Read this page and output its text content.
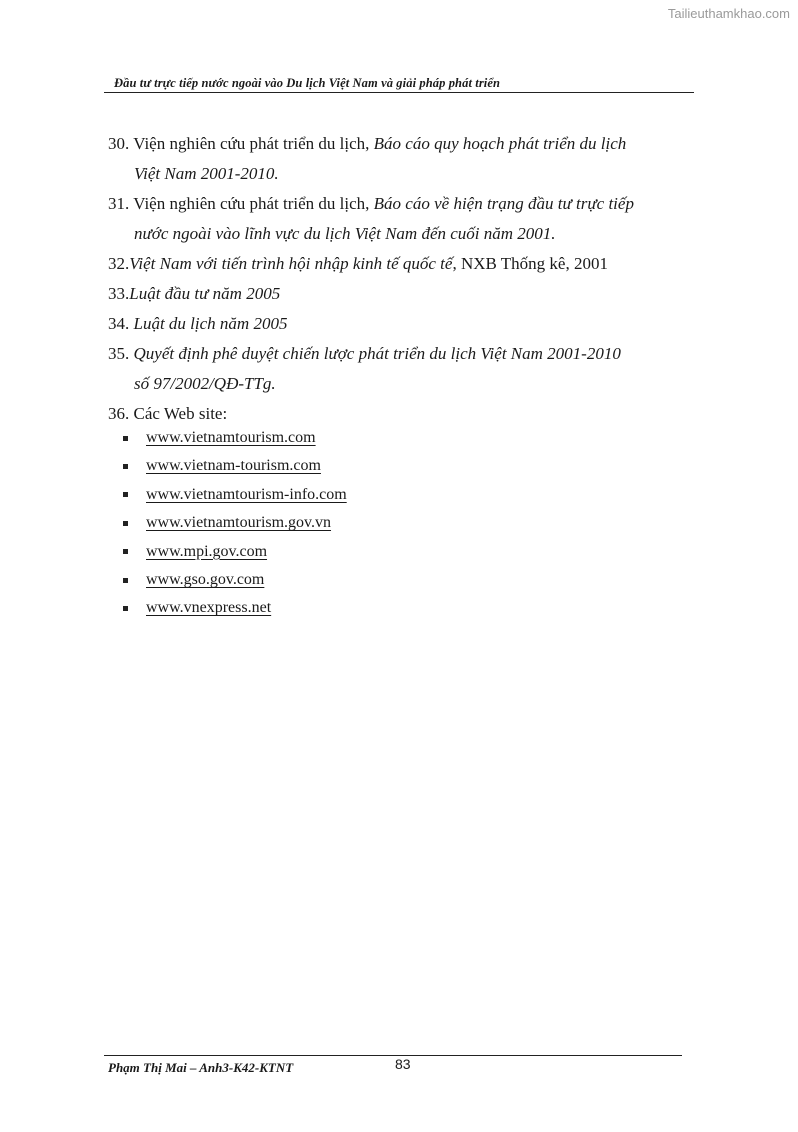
Tailieuthamkhao.com
Đầu tư trực tiếp nước ngoài vào Du lịch Việt Nam và giải pháp phát triển
30. Viện nghiên cứu phát triển du lịch, Báo cáo quy hoạch phát triển du lịch
Việt Nam 2001-2010.
31. Viện nghiên cứu phát triển du lịch, Báo cáo về hiện trạng đầu tư trực tiếp
nước ngoài vào lĩnh vực du lịch Việt Nam đến cuối năm 2001.
32.Việt Nam với tiến trình hội nhập kinh tế quốc tế, NXB Thống kê, 2001
33.Luật đầu tư năm 2005
34. Luật du lịch năm 2005
35. Quyết định phê duyệt chiến lược phát triển du lịch Việt Nam 2001-2010
số 97/2002/QĐ-TTg.
36. Các Web site:
www.vietnamtourism.com
www.vietnam-tourism.com
www.vietnamtourism-info.com
www.vietnamtourism.gov.vn
www.mpi.gov.com
www.gso.gov.com
www.vnexpress.net
Phạm Thị Mai – Anh3-K42-KTNT	83
